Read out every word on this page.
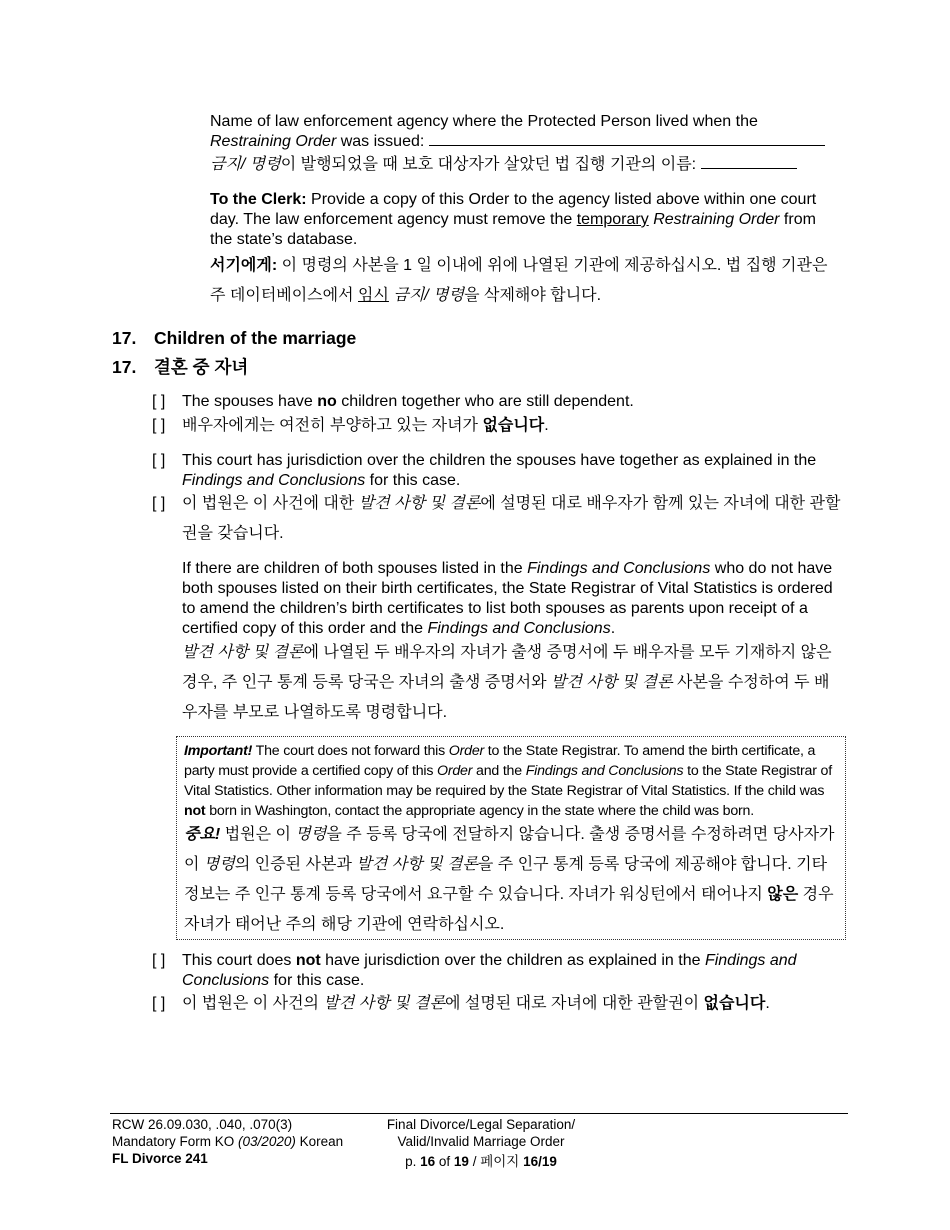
Name of law enforcement agency where the Protected Person lived when the
Restraining Order was issued:

금지/ 명령이 발행되었을 때 보호 대상자가 살았던 법 집행 기관의 이름:

To the Clerk: Provide a copy of this Order to the agency listed above within one court day. The law enforcement agency must remove the temporary Restraining Order from the state’s database.

서기에게: 이 명령의 사본을 1 일 이내에 위에 나열된 기관에 제공하십시오. 법 집행 기관은 주 데이터베이스에서 임시 금지/ 명령을 삭제해야 합니다.

17. Children of the marriage
17. 결혼 중 자녀
[ ] The spouses have no children together who are still dependent.

[ ] 배우자에게는 여전히 부양하고 있는 자녀가 없습니다.

[ ] This court has jurisdiction over the children the spouses have together as explained in the Findings and Conclusions for this case.

[ ] 이 법원은 이 사건에 대한 발견 사항 및 결론에 설명된 대로 배우자가 함께 있는 자녀에 대한 관할권을 갖습니다.

If there are children of both spouses listed in the Findings and Conclusions who do not have both spouses listed on their birth certificates, the State Registrar of Vital Statistics is ordered to amend the children’s birth certificates to list both spouses as parents upon receipt of a certified copy of this order and the Findings and Conclusions.

발견 사항 및 결론에 나열된 두 배우자의 자녀가 출생 증명서에 두 배우자를 모두 기재하지 않은 경우, 주 인구 통계 등록 당국은 자녀의 출생 증명서와 발견 사항 및 결론 사본을 수정하여 두 배우자를 부모로 나열하도록 명령합니다.

Important! The court does not forward this Order to the State Registrar. To amend the birth certificate, a party must provide a certified copy of this Order and the Findings and Conclusions to the State Registrar of Vital Statistics. Other information may be required by the State Registrar of Vital Statistics. If the child was not born in Washington, contact the appropriate agency in the state where the child was born.

중요! 법원은 이 명령을 주 등록 당국에 전달하지 않습니다. 출생 증명서를 수정하려면 당사자가 이 명령의 인증된 사본과 발견 사항 및 결론을 주 인구 통계 등록 당국에 제공해야 합니다. 기타 정보는 주 인구 통계 등록 당국에서 요구할 수 있습니다. 자녀가 워싱턴에서 태어나지 않은 경우 자녀가 태어난 주의 해당 기관에 연락하십시오.

[ ] This court does not have jurisdiction over the children as explained in the Findings and Conclusions for this case.

[ ] 이 법원은 이 사건의 발견 사항 및 결론에 설명된 대로 자녀에 대한 관할권이 없습니다.

RCW 26.09.030, .040, .070(3)
Mandatory Form KO (03/2020) Korean
FL Divorce 241
Final Divorce/Legal Separation/
Valid/Invalid Marriage Order
p. 16 of 19 / 페이지 16/19
